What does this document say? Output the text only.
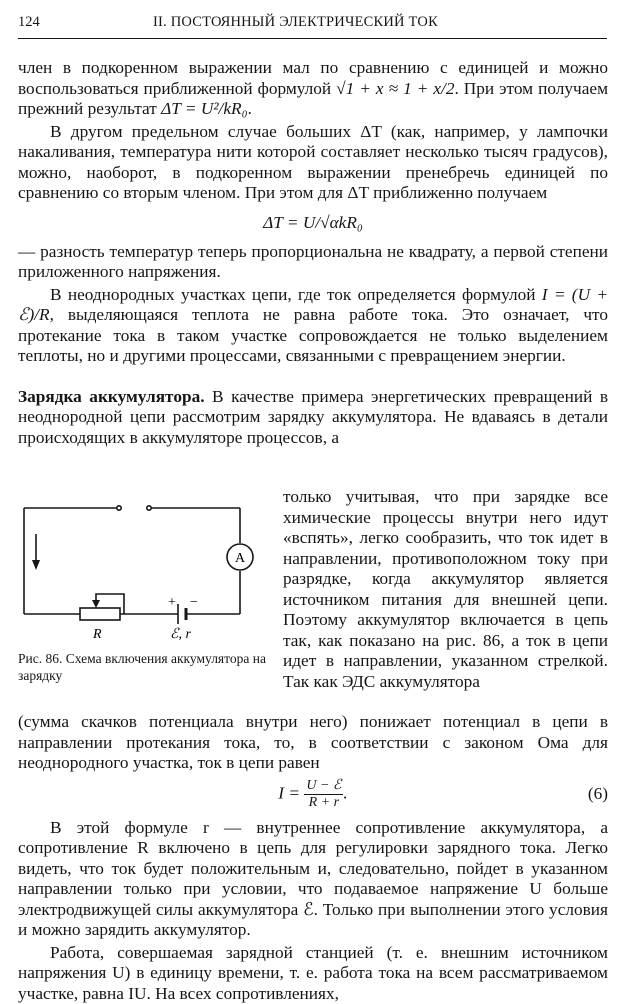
124	II. ПОСТОЯННЫЙ ЭЛЕКТРИЧЕСКИЙ ТОК

член в подкоренном выражении мал по сравнению с единицей и можно воспользоваться приближенной формулой √1 + x ≈ 1 + x/2. При этом получаем прежний результат ΔT = U²/kR₀.

В другом предельном случае больших ΔT (как, например, у лампочки накаливания, температура нити которой составляет несколько тысяч градусов), можно, наоборот, в подкоренном выражении пренебречь единицей по сравнению со вторым членом. При этом для ΔT приближенно получаем

ΔT = U/√αkR₀

— разность температур теперь пропорциональна не квадрату, а первой степени приложенного напряжения.

В неоднородных участках цепи, где ток определяется формулой I = (U + ℰ)/R, выделяющаяся теплота не равна работе тока. Это означает, что протекание тока в таком участке сопровождается не только выделением теплоты, но и другими процессами, связанными с превращением энергии.

Зарядка аккумулятора. В качестве примера энергетических превращений в неоднородной цепи рассмотрим зарядку аккумулятора. Не вдаваясь в детали происходящих в аккумуляторе процессов, а

A
+ −
R	ℰ, r
Рис. 86. Схема включения аккумулятора на зарядку

только учитывая, что при зарядке все химические процессы внутри него идут «вспять», легко сообразить, что ток идет в направлении, противоположном току при разрядке, когда аккумулятор является источником питания для внешней цепи. Поэтому аккумулятор включается в цепь так, как показано на рис. 86, а ток в цепи идет в направлении, указанном стрелкой. Так как ЭДС аккумулятора

(сумма скачков потенциала внутри него) понижает потенциал в цепи в направлении протекания тока, то, в соответствии с законом Ома для неоднородного участка, ток в цепи равен

$I = \frac{\text{U − ℰ}}{R + r}$ .	(6)

В этой формуле r — внутреннее сопротивление аккумулятора, а сопротивление R включено в цепь для регулировки зарядного тока. Легко видеть, что ток будет положительным и, следовательно, пойдет в указанном направлении только при условии, что подаваемое напряжение U больше электродвижущей силы аккумулятора ℰ. Только при выполнении этого условия и можно зарядить аккумулятор.

Работа, совершаемая зарядной станцией (т. е. внешним источником напряжения U) в единицу времени, т. е. работа тока на всем рассматриваемом участке, равна IU. На всех сопротивлениях,
